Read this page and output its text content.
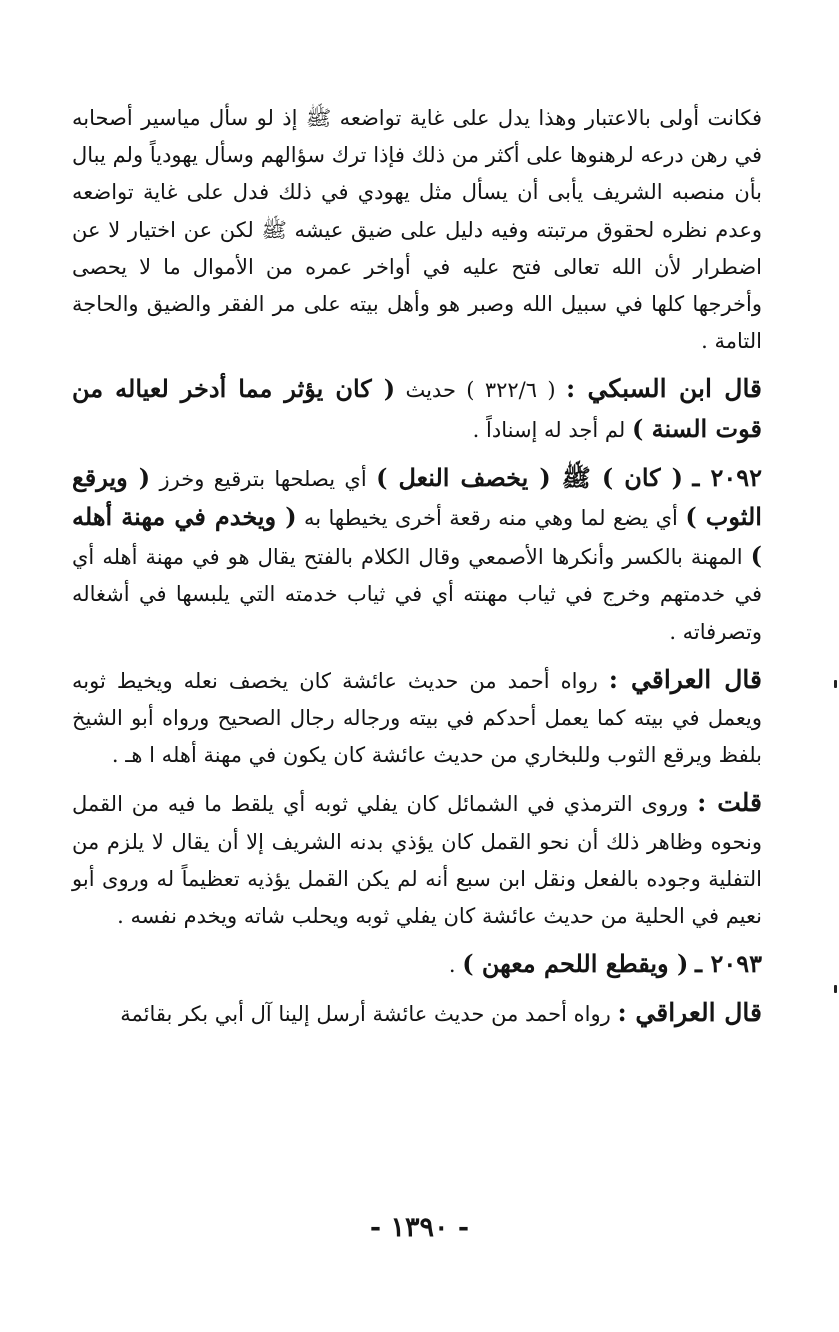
فكانت أولى بالاعتبار وهذا يدل على غاية تواضعه ﷺ إذ لو سأل مياسير أصحابه في رهن درعه لرهنوها على أكثر من ذلك فإذا ترك سؤالهم وسأل يهودياً ولم يبال بأن منصبه الشريف يأبى أن يسأل مثل يهودي في ذلك فدل على غاية تواضعه وعدم نظره لحقوق مرتبته وفيه دليل على ضيق عيشه ﷺ لكن عن اختيار لا عن اضطرار لأن الله تعالى فتح عليه في أواخر عمره من الأموال ما لا يحصى وأخرجها كلها في سبيل الله وصبر هو وأهل بيته على مر الفقر والضيق والحاجة التامة .

قال ابن السبكي : ( ٣٢٢/٦ ) حديث ( كان يؤثر مما أدخر لعياله من قوت السنة ) لم أجد له إسناداً .

٢٠٩٢ ـ ( كان ) ﷺ ( يخصف النعل ) أي يصلحها بترقيع وخرز ( ويرقع الثوب ) أي يضع لما وهي منه رقعة أخرى يخيطها به ( ويخدم في مهنة أهله ) المهنة بالكسر وأنكرها الأصمعي وقال الكلام بالفتح يقال هو في مهنة أهله أي في خدمتهم وخرج في ثياب مهنته أي في ثياب خدمته التي يلبسها في أشغاله وتصرفاته .

قال العراقي : رواه أحمد من حديث عائشة كان يخصف نعله ويخيط ثوبه ويعمل في بيته كما يعمل أحدكم في بيته ورجاله رجال الصحيح ورواه أبو الشيخ بلفظ ويرقع الثوب وللبخاري من حديث عائشة كان يكون في مهنة أهله ا هـ .

قلت : وروى الترمذي في الشمائل كان يفلي ثوبه أي يلقط ما فيه من القمل ونحوه وظاهر ذلك أن نحو القمل كان يؤذي بدنه الشريف إلا أن يقال لا يلزم من التفلية وجوده بالفعل ونقل ابن سبع أنه لم يكن القمل يؤذيه تعظيماً له وروى أبو نعيم في الحلية من حديث عائشة كان يفلي ثوبه ويحلب شاته ويخدم نفسه .

٢٠٩٣ ـ ( ويقطع اللحم معهن ) .

قال العراقي : رواه أحمد من حديث عائشة أرسل إلينا آل أبي بكر بقائمة

- ١٣٩٠ -
